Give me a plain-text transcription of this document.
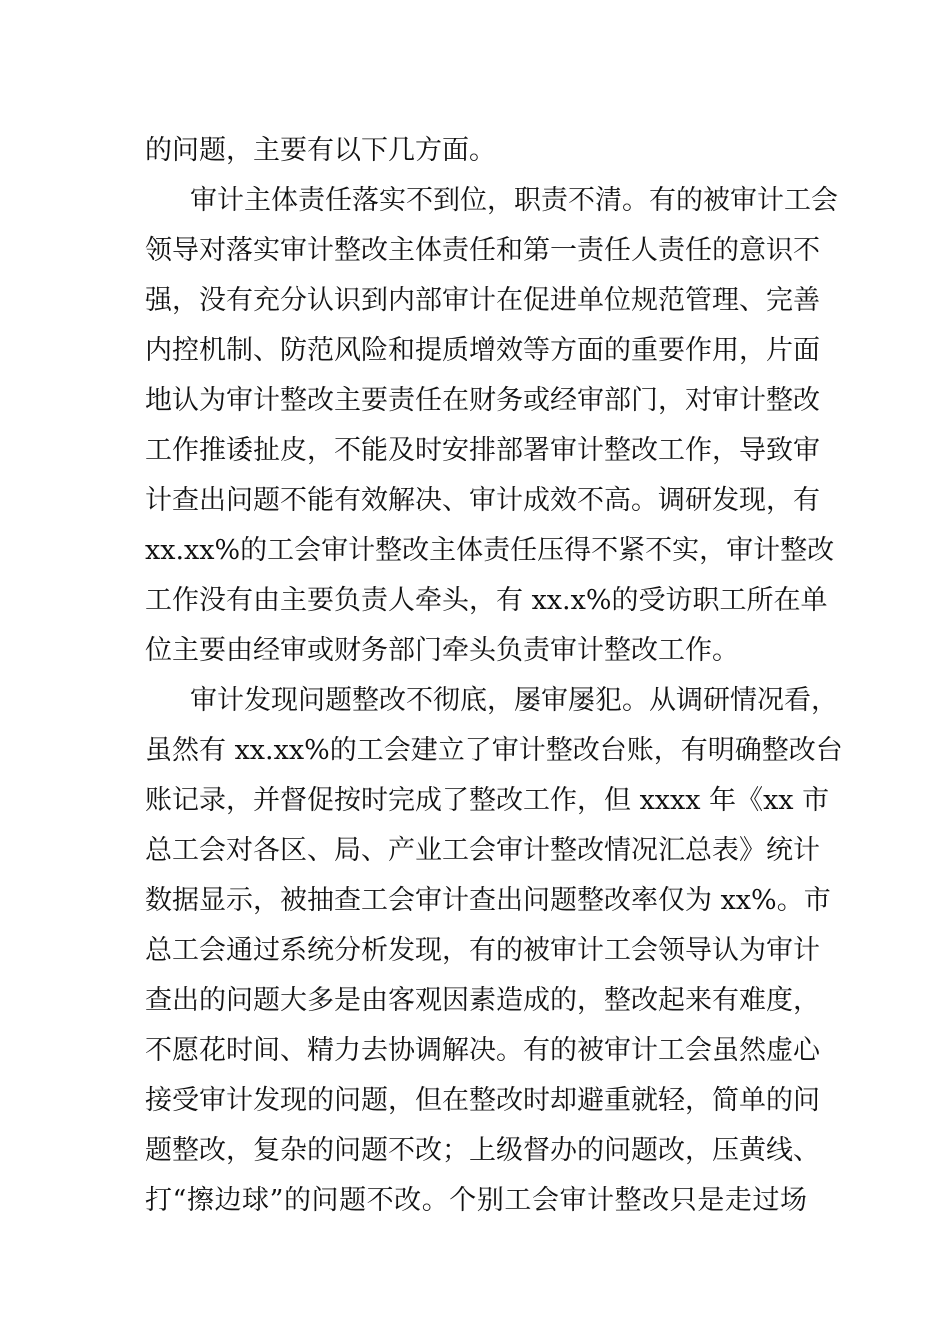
的问题，主要有以下几方面。
审计主体责任落实不到位，职责不清。有的被审计工会
领导对落实审计整改主体责任和第一责任人责任的意识不
强，没有充分认识到内部审计在促进单位规范管理、完善
内控机制、防范风险和提质增效等方面的重要作用，片面
地认为审计整改主要责任在财务或经审部门，对审计整改
工作推诿扯皮，不能及时安排部署审计整改工作，导致审
计查出问题不能有效解决、审计成效不高。调研发现，有
xx.xx%的工会审计整改主体责任压得不紧不实，审计整改
工作没有由主要负责人牵头，有 xx.x%的受访职工所在单
位主要由经审或财务部门牵头负责审计整改工作。
审计发现问题整改不彻底，屡审屡犯。从调研情况看，
虽然有 xx.xx%的工会建立了审计整改台账，有明确整改台
账记录，并督促按时完成了整改工作，但 xxxx 年《xx 市
总工会对各区、局、产业工会审计整改情况汇总表》统计
数据显示，被抽查工会审计查出问题整改率仅为 xx%。市
总工会通过系统分析发现，有的被审计工会领导认为审计
查出的问题大多是由客观因素造成的，整改起来有难度，
不愿花时间、精力去协调解决。有的被审计工会虽然虚心
接受审计发现的问题，但在整改时却避重就轻，简单的问
题整改，复杂的问题不改；上级督办的问题改，压黄线、
打“擦边球”的问题不改。个别工会审计整改只是走过场
